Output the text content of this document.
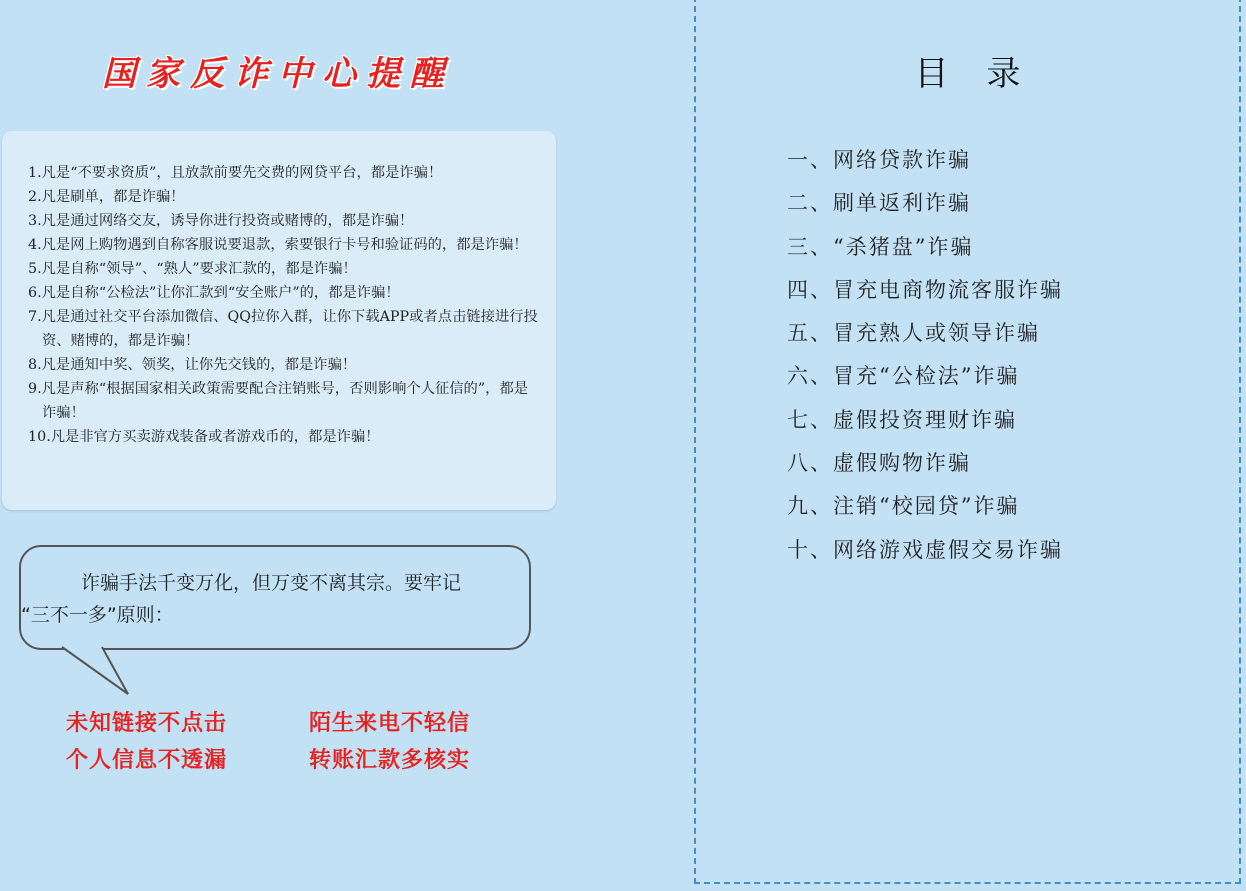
国家反诈中心提醒

1.凡是“不要求资质”，且放款前要先交费的网贷平台，都是诈骗！

2.凡是刷单，都是诈骗！

3.凡是通过网络交友，诱导你进行投资或赌博的，都是诈骗！

4.凡是网上购物遇到自称客服说要退款，索要银行卡号和验证码的，都是诈骗！

5.凡是自称“领导”、“熟人”要求汇款的，都是诈骗！

6.凡是自称“公检法”让你汇款到“安全账户”的，都是诈骗！

7.凡是通过社交平台添加微信、QQ拉你入群，让你下载APP或者点击链接进行投资、赌博的，都是诈骗！

8.凡是通知中奖、领奖，让你先交钱的，都是诈骗！

9.凡是声称“根据国家相关政策需要配合注销账号，否则影响个人征信的”，都是诈骗！

10.凡是非官方买卖游戏装备或者游戏币的，都是诈骗！

诈骗手法千变万化，但万变不离其宗。要牢记
“三不一多”原则：
未知链接不点击	陌生来电不轻信
个人信息不透漏	转账汇款多核实
目录
一、网络贷款诈骗
二、刷单返利诈骗
三、“杀猪盘”诈骗
四、冒充电商物流客服诈骗
五、冒充熟人或领导诈骗
六、冒充“公检法”诈骗
七、虚假投资理财诈骗
八、虚假购物诈骗
九、注销“校园贷”诈骗
十、网络游戏虚假交易诈骗
